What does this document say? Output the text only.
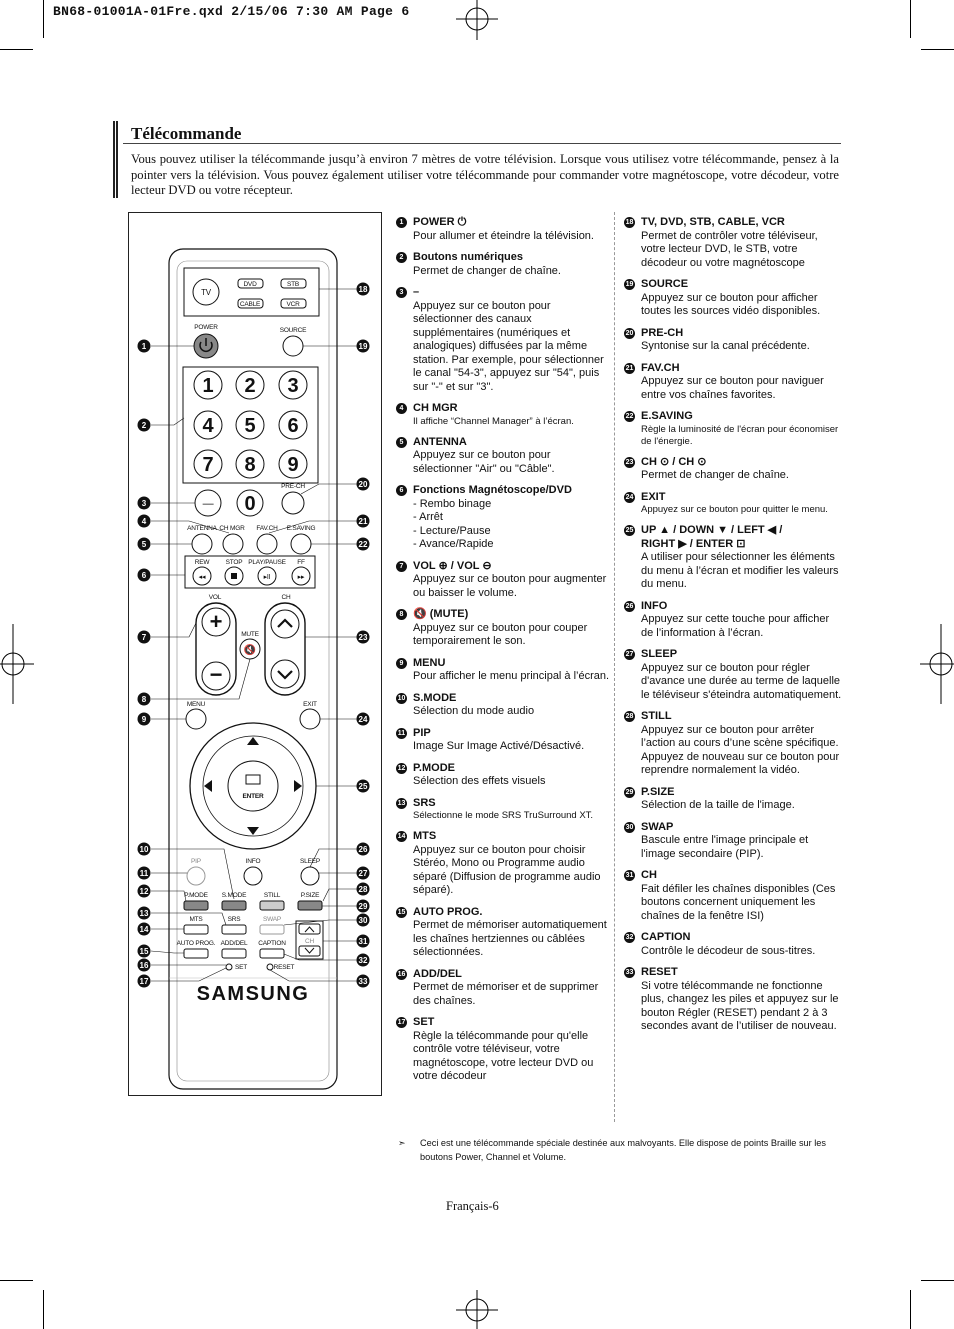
BN68-01001A-01Fre.qxd 2/15/06 7:30 AM Page 6
Télécommande
Vous pouvez utiliser la télécommande jusqu’à environ 7 mètres de votre télévision. Lorsque vous utilisez votre télécommande, pensez à la pointer vers la télévision. Vous pouvez également utiliser votre télécommande pour commander votre magnétoscope, votre décodeur, votre lecteur DVD ou votre récepteur.
TV
DVD	STB
CABLE	VCR
POWER	SOURCE
1 2 3
4 5 6
7 8 9
— 0
PRE-CH
ANTENNA CH MGR FAV.CH E.SAVING
REW	STOP PLAY/PAUSE FF
◂◂	▸II	▸▸
VOL	CH
+
−
MUTE
🔇
MENU	EXIT
ENTER
PIP	INFO	SLEEP
P.MODE S.MODE	STILL	P.SIZE
MTS	SRS	SWAP
AUTO PROG. ADD/DEL CAPTION	CH
SET	RESET
SAMSUNG
1
2
3
4
5
6
7
8
9
10
11
12
13
14
15
16
17
18
19
20
21
22
23
24
25
26
27
28
29
30
31
32
33
1 POWER ⏻
Pour allumer et éteindre la télévision.
2 Boutons numériques
Permet de changer de chaîne.
3 –
Appuyez sur ce bouton pour sélectionner des canaux supplémentaires (numériques et analogiques) diffusées par la même station. Par exemple, pour sélectionner le canal "54-3", appuyez sur "54", puis sur "-" et sur "3".
4 CH MGR
Il affiche “Channel Manager” à l’écran.
5 ANTENNA
Appuyez sur ce bouton pour sélectionner "Air" ou "Câble".
6 Fonctions Magnétoscope/DVD
- Rembo binage
- Arrêt
- Lecture/Pause
- Avance/Rapide
7 VOL ⊕ / VOL ⊖
Appuyez sur ce bouton pour augmenter ou baisser le volume.
8 🔇 (MUTE)
Appuyez sur ce bouton pour couper temporairement le son.
9 MENU
Pour afficher le menu principal à l’écran.
10 S.MODE
Sélection du mode audio
11 PIP
Image Sur Image Activé/Désactivé.
12 P.MODE
Sélection des effets visuels
13 SRS
Sélectionne le mode SRS TruSurround XT.
14 MTS
Appuyez sur ce bouton pour choisir Stéréo, Mono ou Programme audio séparé (Diffusion de programme audio séparé).
15 AUTO PROG.
Permet de mémoriser automatiquement les chaînes hertziennes ou câblées sélectionnées.
16 ADD/DEL
Permet de mémoriser et de supprimer des chaînes.
17 SET
Règle la télécommande pour qu'elle contrôle votre téléviseur, votre magnétoscope, votre lecteur DVD ou votre décodeur
18 TV, DVD, STB, CABLE, VCR
Permet de contrôler votre téléviseur, votre lecteur DVD, le STB, votre décodeur ou votre magnétoscope
19 SOURCE
Appuyez sur ce bouton pour afficher toutes les sources vidéo disponibles.
20 PRE-CH
Syntonise sur la canal précédente.
21 FAV.CH
Appuyez sur ce bouton pour naviguer entre vos chaînes favorites.
22 E.SAVING
Règle la luminosité de l'écran pour économiser de l'énergie.
23 CH ⊙ / CH ⊙
Permet de changer de chaîne.
24 EXIT
Appuyez sur ce bouton pour quitter le menu.
25 UP ▲ / DOWN ▼ / LEFT ◀ /
RIGHT ▶ / ENTER ⊡
A utiliser pour sélectionner les éléments du menu à l’écran et modifier les valeurs du menu.
26 INFO
Appuyez sur cette touche pour afficher de l’information à l’écran.
27 SLEEP
Appuyez sur ce bouton pour régler d'avance une durée au terme de laquelle le téléviseur s'éteindra automatiquement.
28 STILL
Appuyez sur ce bouton pour arrêter l’action au cours d’une scène spécifique. Appuyez de nouveau sur ce bouton pour reprendre normalement la vidéo.
29 P.SIZE
Sélection de la taille de l'image.
30 SWAP
Bascule entre l'image principale et l'image secondaire (PIP).
31 CH
Fait défiler les chaînes disponibles (Ces boutons concernent uniquement les chaînes de la fenêtre ISI)
32 CAPTION
Contrôle le décodeur de sous-titres.
33 RESET
Si votre télécommande ne fonctionne plus, changez les piles et appuyez sur le bouton Régler (RESET) pendant 2 à 3 secondes avant de l’utiliser de nouveau.
➣	Ceci est une télécommande spéciale destinée aux malvoyants. Elle dispose de points Braille sur les boutons Power, Channel et Volume.
Français-6
